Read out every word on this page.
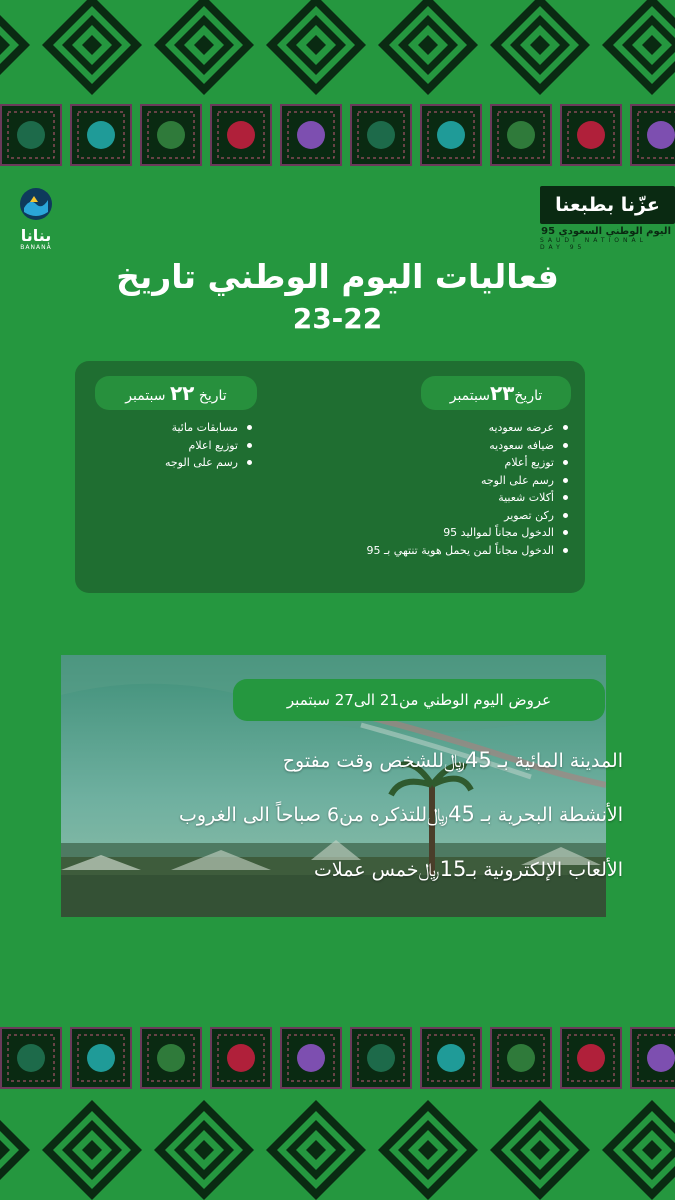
بنانا
BANANA
عزّنا بطبعنا
اليوم الوطني السعودي 95
SAUDI NATIONAL DAY 95
فعاليات اليوم الوطني تاريخ
23-22
تاريخ٢٣سبتمبر
تاريخ ٢٢ سبتمبر
عرضه سعوديه
ضيافه سعوديه
توزيع أعلام
رسم على الوجه
أكلات شعبية
ركن تصوير
الدخول مجاناً لمواليد 95
الدخول مجاناً لمن يحمل هوية تنتهي بـ 95
مسابقات مائية
توزيع اعلام
رسم على الوجه
عروض اليوم الوطني من21 الى27 سبتمبر
المدينة المائية بـ 45﷼للشخص وقت مفتوح
الأنشطة البحرية بـ 45﷼للتذكره من6 صباحاً الى الغروب
الألعاب الإلكترونية بـ15﷼خمس عملات
